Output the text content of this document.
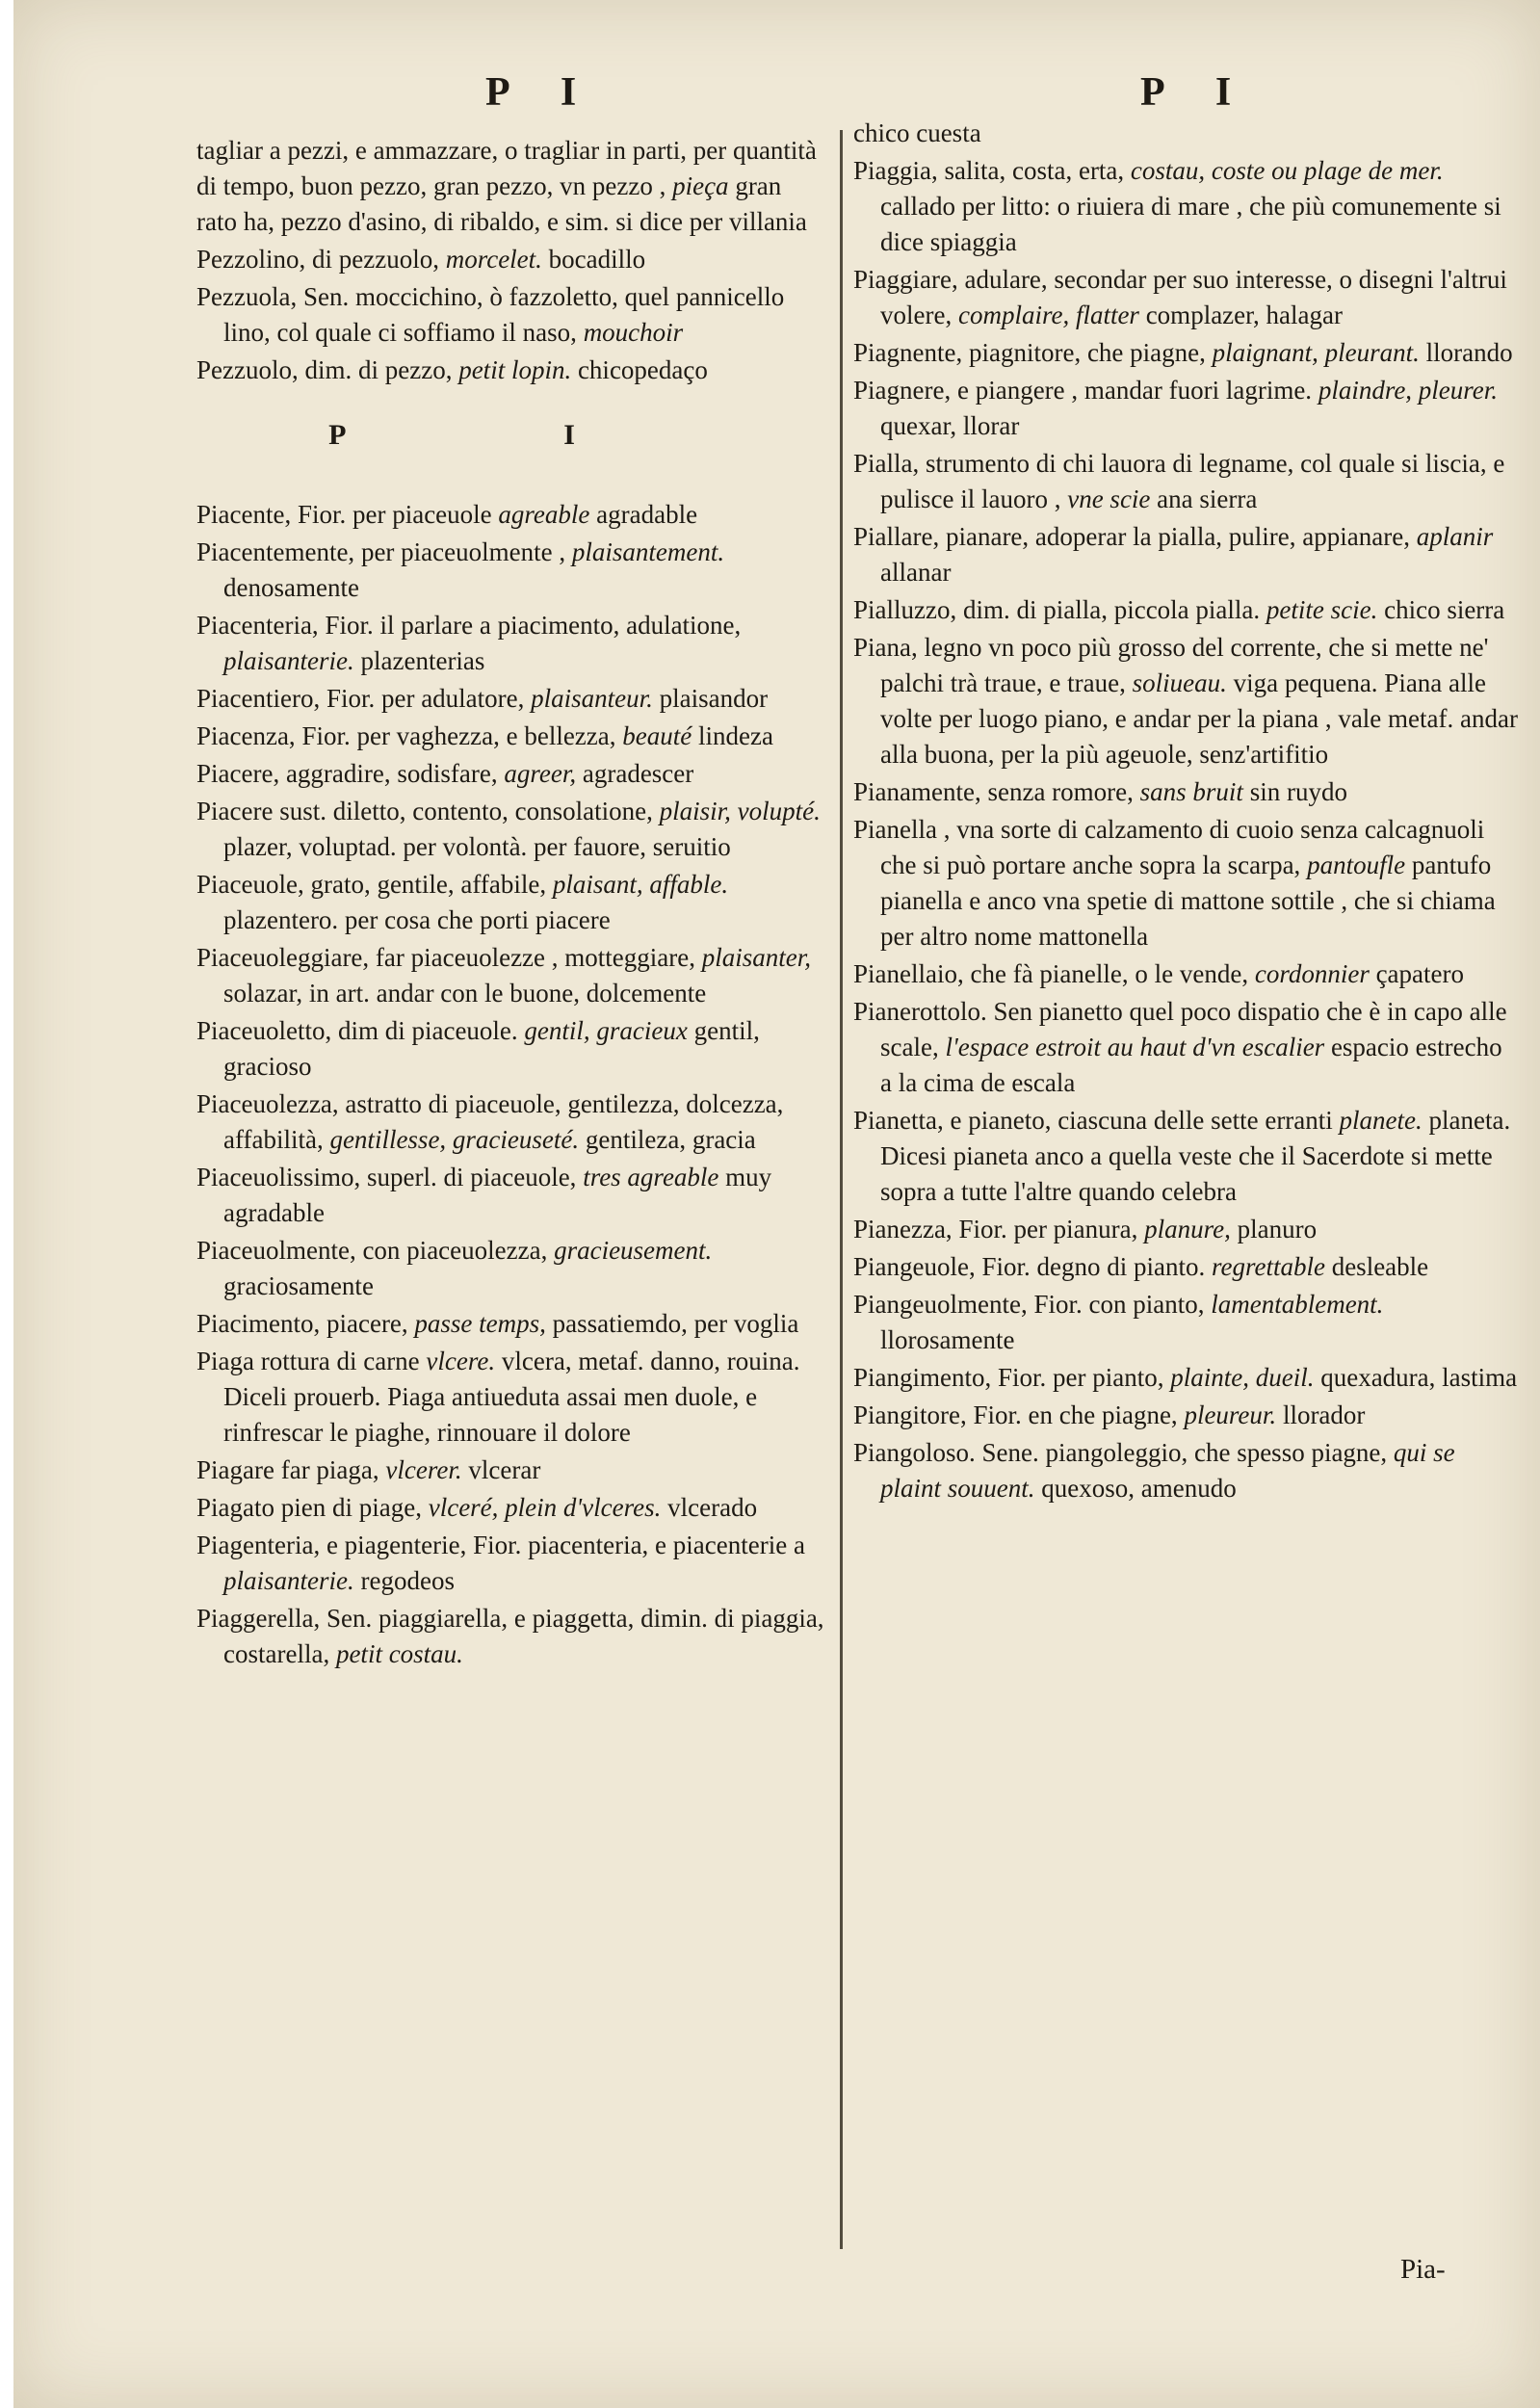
P I	P I
tagliar a pezzi, e ammazzare, o tragliar in parti, per quantità di tempo, buon pezzo, gran pezzo, vn pezzo , pieça gran rato ha, pezzo d'asino, di ribaldo, e sim. si dice per villania
Pezzolino, di pezzuolo, morcelet. bocadillo
Pezzuola, Sen. moccichino, ò fazzoletto, quel pannicello lino, col quale ci soffiamo il naso, mouchoir
Pezzuolo, dim. di pezzo, petit lopin. chicopedaço
P I
Piacente, Fior. per piaceuole agreable agradable
Piacentemente, per piaceuolmente , plaisantement. denosamente
Piacenteria, Fior. il parlare a piacimento, adulatione, plaisanterie. plazenterias
Piacentiero, Fior. per adulatore, plaisanteur. plaisandor
Piacenza, Fior. per vaghezza, e bellezza, beauté lindeza
Piacere, aggradire, sodisfare, agreer, agradescer
Piacere sust. diletto, contento, consolatione, plaisir, volupté. plazer, voluptad. per volontà. per fauore, seruitio
Piaceuole, grato, gentile, affabile, plaisant, affable. plazentero. per cosa che porti piacere
Piaceuoleggiare, far piaceuolezze , motteggiare, plaisanter, solazar, in art. andar con le buone, dolcemente
Piaceuoletto, dim di piaceuole. gentil, gracieux gentil, gracioso
Piaceuolezza, astratto di piaceuole, gentilezza, dolcezza, affabilità, gentillesse, gracieuseté. gentileza, gracia
Piaceuolissimo, superl. di piaceuole, tres agreable muy agradable
Piaceuolmente, con piaceuolezza, gracieusement. graciosamente
Piacimento, piacere, passe temps, passatiemdo, per voglia
Piaga rottura di carne vlcere. vlcera, metaf. danno, rouina. Diceli prouerb. Piaga antiueduta assai men duole, e rinfrescar le piaghe, rinnouare il dolore
Piagare far piaga, vlcerer. vlcerar
Piagato pien di piage, vlceré, plein d'vlceres. vlcerado
Piagenteria, e piagenterie, Fior. piacenteria, e piacenterie a plaisanterie. regodeos
Piaggerella, Sen. piaggiarella, e piaggetta, dimin. di piaggia, costarella, petit costau.
chico cuesta
Piaggia, salita, costa, erta, costau, coste ou plage de mer. callado per litto: o riuiera di mare , che più comunemente si dice spiaggia
Piaggiare, adulare, secondar per suo interesse, o disegni l'altrui volere, complaire, flatter complazer, halagar
Piagnente, piagnitore, che piagne, plaignant, pleurant. llorando
Piagnere, e piangere , mandar fuori lagrime. plaindre, pleurer. quexar, llorar
Pialla, strumento di chi lauora di legname, col quale si liscia, e pulisce il lauoro , vne scie ana sierra
Piallare, pianare, adoperar la pialla, pulire, appianare, aplanir allanar
Pialluzzo, dim. di pialla, piccola pialla. petite scie. chico sierra
Piana, legno vn poco più grosso del corrente, che si mette ne' palchi trà traue, e traue, soliueau. viga pequena. Piana alle volte per luogo piano, e andar per la piana , vale metaf. andar alla buona, per la più ageuole, senz'artifitio
Pianamente, senza romore, sans bruit sin ruydo
Pianella , vna sorte di calzamento di cuoio senza calcagnuoli che si può portare anche sopra la scarpa, pantoufle pantufo pianella e anco vna spetie di mattone sottile , che si chiama per altro nome mattonella
Pianellaio, che fà pianelle, o le vende, cordonnier çapatero
Pianerottolo. Sen pianetto quel poco dispatio che è in capo alle scale, l'espace estroit au haut d'vn escalier espacio estrecho a la cima de escala
Pianetta, e pianeto, ciascuna delle sette erranti planete. planeta. Dicesi pianeta anco a quella veste che il Sacerdote si mette sopra a tutte l'altre quando celebra
Pianezza, Fior. per pianura, planure, planuro
Piangeuole, Fior. degno di pianto. regrettable desleable
Piangeuolmente, Fior. con pianto, lamentablement. llorosamente
Piangimento, Fior. per pianto, plainte, dueil. quexadura, lastima
Piangitore, Fior. en che piagne, pleureur. llorador
Piangoloso. Sene. piangoleggio, che spesso piagne, qui se plaint souuent. quexoso, amenudo
Pia-
